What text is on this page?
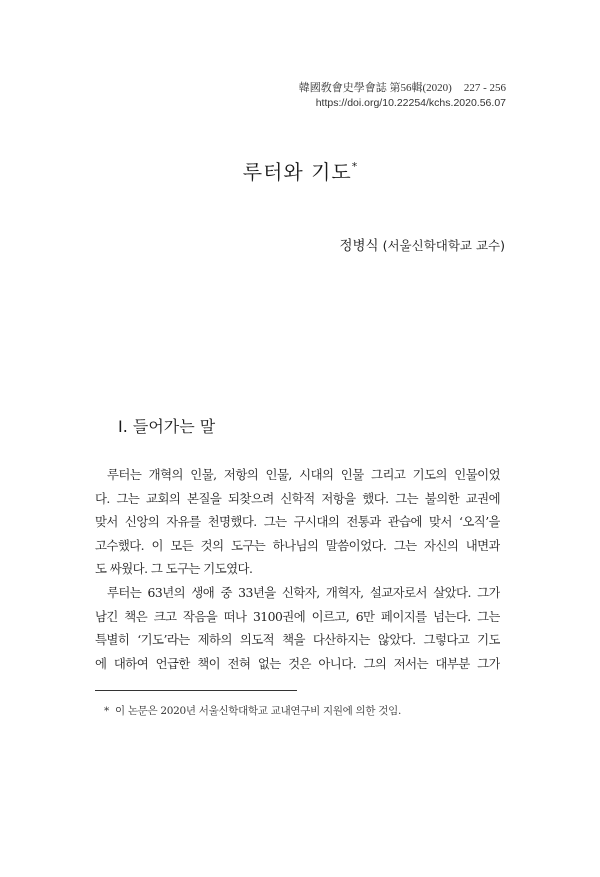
韓國敎會史學會誌 第56輯(2020) 227 - 256
https://doi.org/10.22254/kchs.2020.56.07
루터와 기도*
정병식 (서울신학대학교 교수)
I. 들어가는 말
루터는 개혁의 인물, 저항의 인물, 시대의 인물 그리고 기도의 인물이었
다. 그는 교회의 본질을 되찾으려 신학적 저항을 했다. 그는 불의한 교권에
맞서 신앙의 자유를 천명했다. 그는 구시대의 전통과 관습에 맞서 ‘오직’을
고수했다. 이 모든 것의 도구는 하나님의 말씀이었다. 그는 자신의 내면과
도 싸웠다. 그 도구는 기도였다.
루터는 63년의 생애 중 33년을 신학자, 개혁자, 설교자로서 살았다. 그가
남긴 책은 크고 작음을 떠나 3100권에 이르고, 6만 페이지를 넘는다. 그는
특별히 ‘기도’라는 제하의 의도적 책을 다산하지는 않았다. 그렇다고 기도
에 대하여 언급한 책이 전혀 없는 것은 아니다. 그의 저서는 대부분 그가
* 이 논문은 2020년 서울신학대학교 교내연구비 지원에 의한 것임.
